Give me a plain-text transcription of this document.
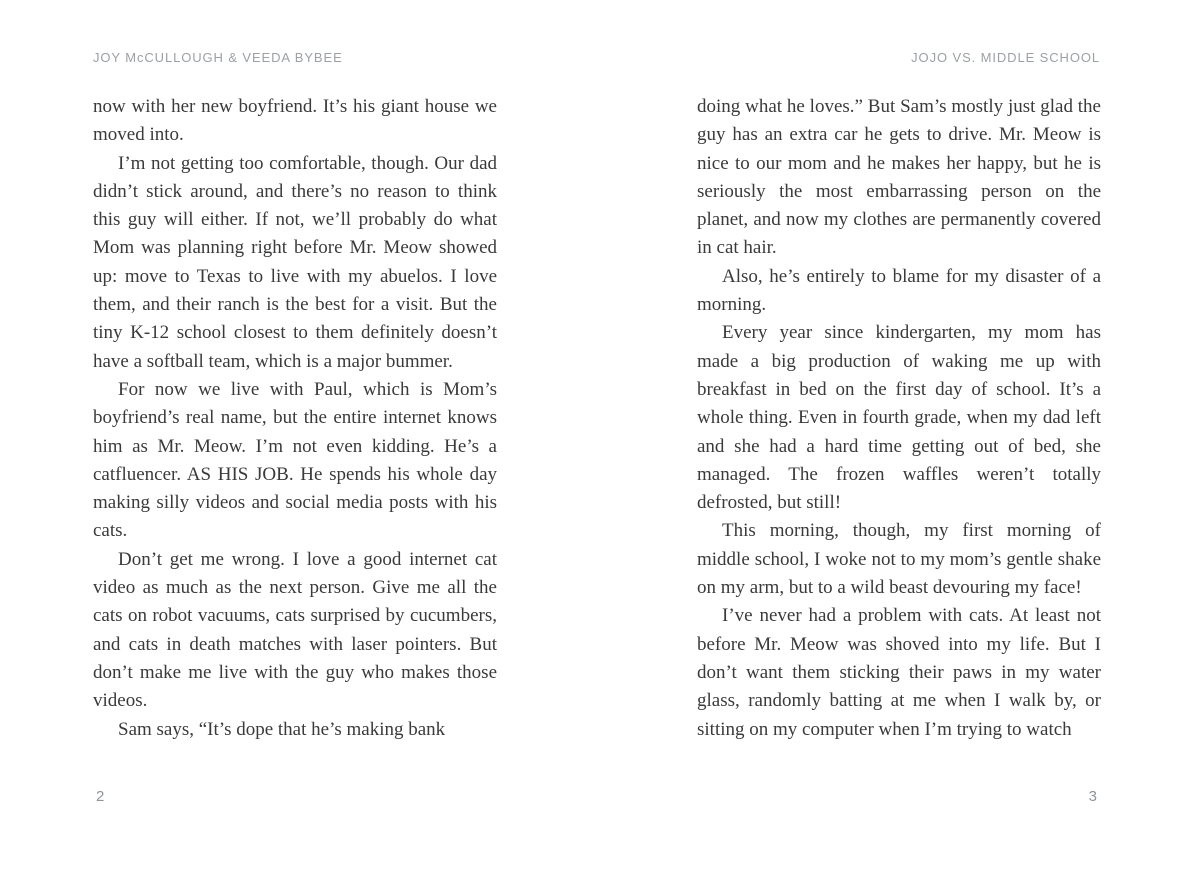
JOY McCULLOUGH & VEEDA BYBEE	JOJO VS. MIDDLE SCHOOL

now with her new boyfriend. It’s his giant house we moved into.

I’m not getting too comfortable, though. Our dad didn’t stick around, and there’s no reason to think this guy will either. If not, we’ll probably do what Mom was planning right before Mr. Meow showed up: move to Texas to live with my abuelos. I love them, and their ranch is the best for a visit. But the tiny K-12 school closest to them definitely doesn’t have a softball team, which is a major bummer.

For now we live with Paul, which is Mom’s boyfriend’s real name, but the entire internet knows him as Mr. Meow. I’m not even kidding. He’s a catfluencer. AS HIS JOB. He spends his whole day making silly videos and social media posts with his cats.

Don’t get me wrong. I love a good internet cat video as much as the next person. Give me all the cats on robot vacuums, cats surprised by cucumbers, and cats in death matches with laser pointers. But don’t make me live with the guy who makes those videos.

Sam says, “It’s dope that he’s making bank

doing what he loves.” But Sam’s mostly just glad the guy has an extra car he gets to drive. Mr. Meow is nice to our mom and he makes her happy, but he is seriously the most embarrassing person on the planet, and now my clothes are permanently covered in cat hair.

Also, he’s entirely to blame for my disaster of a morning.

Every year since kindergarten, my mom has made a big production of waking me up with breakfast in bed on the first day of school. It’s a whole thing. Even in fourth grade, when my dad left and she had a hard time getting out of bed, she managed. The frozen waffles weren’t totally defrosted, but still!

This morning, though, my first morning of middle school, I woke not to my mom’s gentle shake on my arm, but to a wild beast devouring my face!

I’ve never had a problem with cats. At least not before Mr. Meow was shoved into my life. But I don’t want them sticking their paws in my water glass, randomly batting at me when I walk by, or sitting on my computer when I’m trying to watch

2	3
